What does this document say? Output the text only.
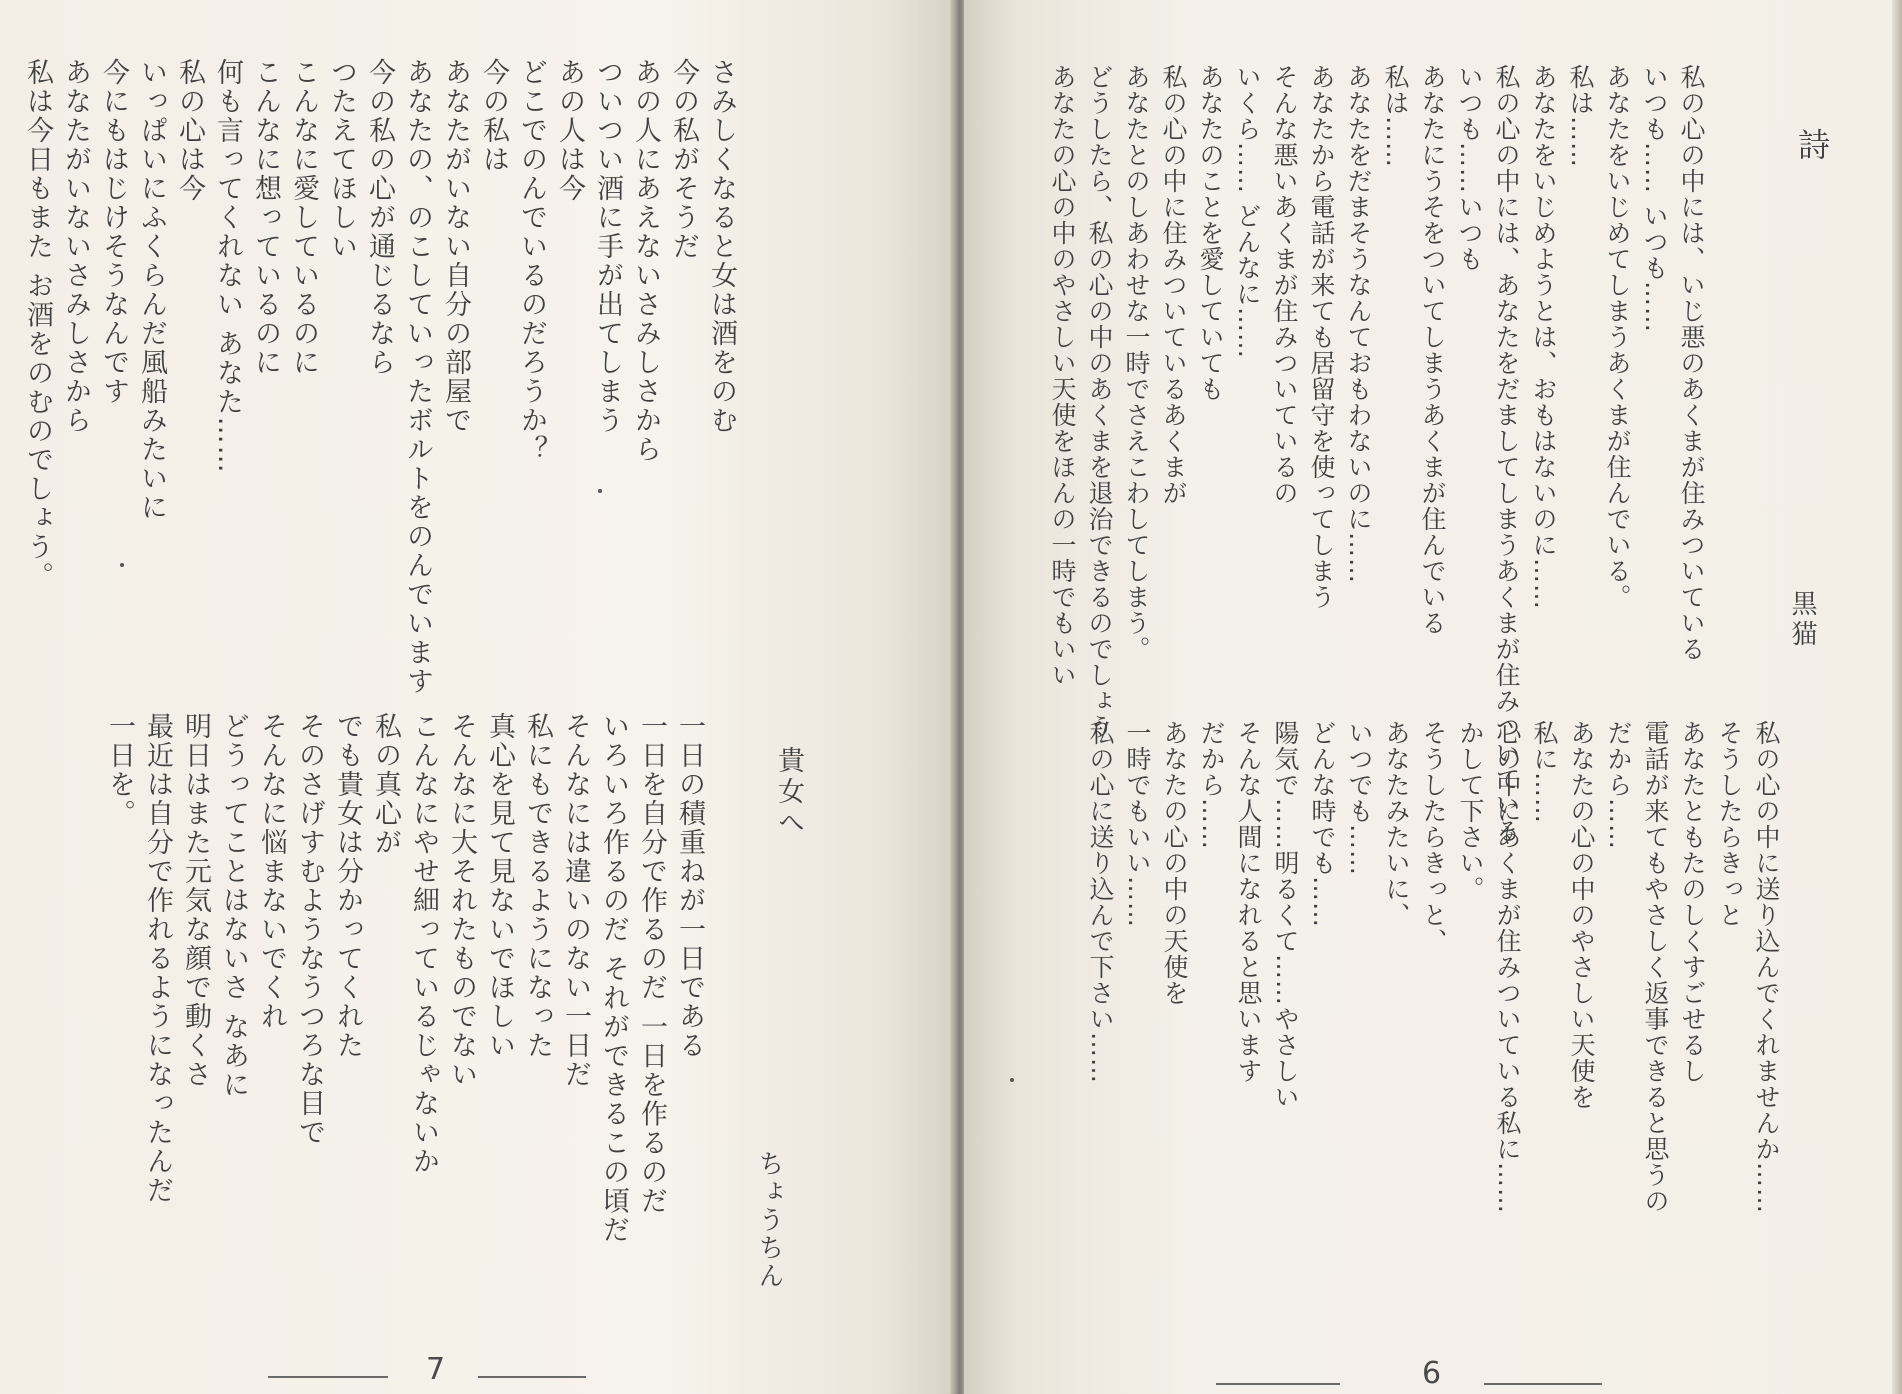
さみしくなると女は酒をのむ
今の私がそうだ
あの人にあえないさみしさから
ついつい酒に手が出てしまう
あの人は今
どこでのんでいるのだろうか？
今の私は
あなたがいない自分の部屋で
あなたの、のこしていったボルトをのんでいます
今の私の心が通じるなら
つたえてほしい
こんなに愛しているのに
こんなに想っているのに
何も言ってくれない あなた……
私の心は今
いっぱいにふくらんだ風船みたいに
今にもはじけそうなんです
あなたがいないさみしさから
私は今日もまた お酒をのむのでしょう。
貴女へ
ちょうちん
一日の積重ねが一日である
一日を自分で作るのだ 一日を作るのだ
いろいろ作るのだ それができるこの頃だ
そんなには違いのない一日だ
私にもできるようになった
真心を見て見ないでほしい
そんなに大それたものでない
こんなにやせ細っているじゃないか
私の真心が
でも貴女は分かってくれた
そのさげすむようなうつろな目で
そんなに悩まないでくれ
どうってことはないさ なあに
明日はまた元気な顔で動くさ
最近は自分で作れるようになったんだ
一日を。
7
詩
黒猫
私の心の中には、いじ悪のあくまが住みついている
いつも…… いつも……
あなたをいじめてしまうあくまが住んでいる。
私は……
あなたをいじめようとは、おもはないのに……
私の心の中には、あなたをだましてしまうあくまが住みついている
いつも……いつも
あなたにうそをついてしまうあくまが住んでいる
私は……
あなたをだまそうなんておもわないのに……
あなたから電話が来ても居留守を使ってしまう
そんな悪いあくまが住みついているの
いくら…… どんなに……
あなたのことを愛していても
私の心の中に住みついているあくまが
あなたとのしあわせな一時でさえこわしてしまう。
どうしたら、私の心の中のあくまを退治できるのでしょう
あなたの心の中のやさしい天使をほんの一時でもいい
私の心の中に送り込んでくれませんか……
そうしたらきっと
あなたともたのしくすごせるし
電話が来てもやさしく返事できると思うの
だから……
あなたの心の中のやさしい天使を
私に……
心の中にあくまが住みついている私に……
かして下さい。
そうしたらきっと、
あなたみたいに、
いつでも……
どんな時でも……
陽気で……明るくて……やさしい
そんな人間になれると思います
だから……
あなたの心の中の天使を
一時でもいい……
私の心に送り込んで下さい……
6
